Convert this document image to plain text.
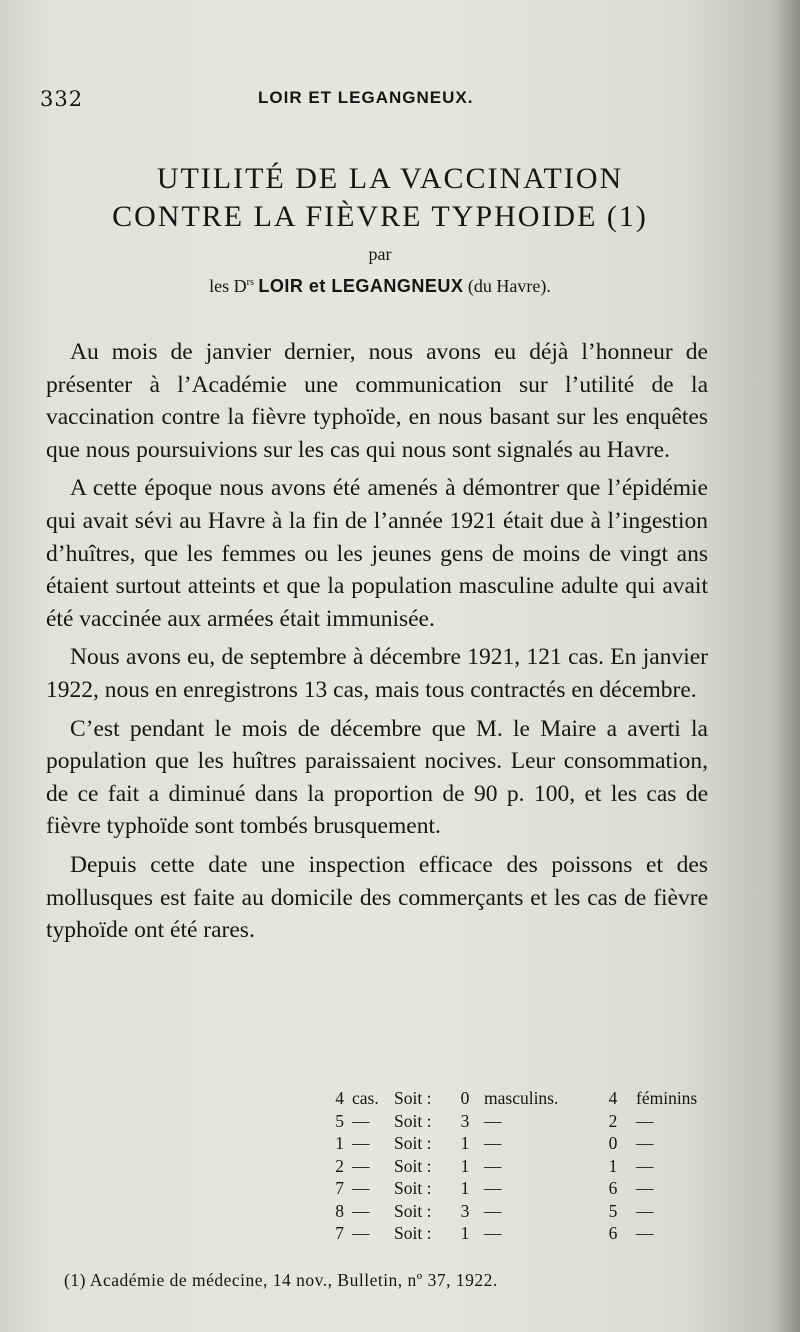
332	LOIR ET LEGANGNEUX.
UTILITÉ DE LA VACCINATION
CONTRE LA FIÈVRE TYPHOIDE (1)
par
les $D^{rs}$ LOIR et LEGANGNEUX (du Havre).

Au mois de janvier dernier, nous avons eu déjà l’honneur de présenter à l’Académie une communication sur l’utilité de la vaccination contre la fièvre typhoïde, en nous basant sur les enquêtes que nous poursuivions sur les cas qui nous sont signalés au Havre.

A cette époque nous avons été amenés à démontrer que l’épidémie qui avait sévi au Havre à la fin de l’année 1921 était due à l’ingestion d’huîtres, que les femmes ou les jeunes gens de moins de vingt ans étaient surtout atteints et que la population masculine adulte qui avait été vaccinée aux armées était immunisée.

Nous avons eu, de septembre à décembre 1921, 121 cas. En janvier 1922, nous en enregistrons 13 cas, mais tous contractés en décembre.

C’est pendant le mois de décembre que M. le Maire a averti la population que les huîtres paraissaient nocives. Leur consommation, de ce fait a diminué dans la proportion de 90 p. 100, et les cas de fièvre typhoïde sont tombés brusquement.

Depuis cette date une inspection efficace des poissons et des mollusques est faite au domicile des commerçants et les cas de fièvre typhoïde ont été rares.

4 cas. Soit : 0 masculins.	4 féminins
5 — Soit : 3 —	2 —
1 — Soit : 1 —	0 —
2 — Soit : 1 —	1 —
7 — Soit : 1 —	6 —
8 — Soit : 3 —	5 —
7 — Soit : 1 —	6 —
(1) Académie de médecine, 14 nov., Bulletin, nº 37, 1922.
